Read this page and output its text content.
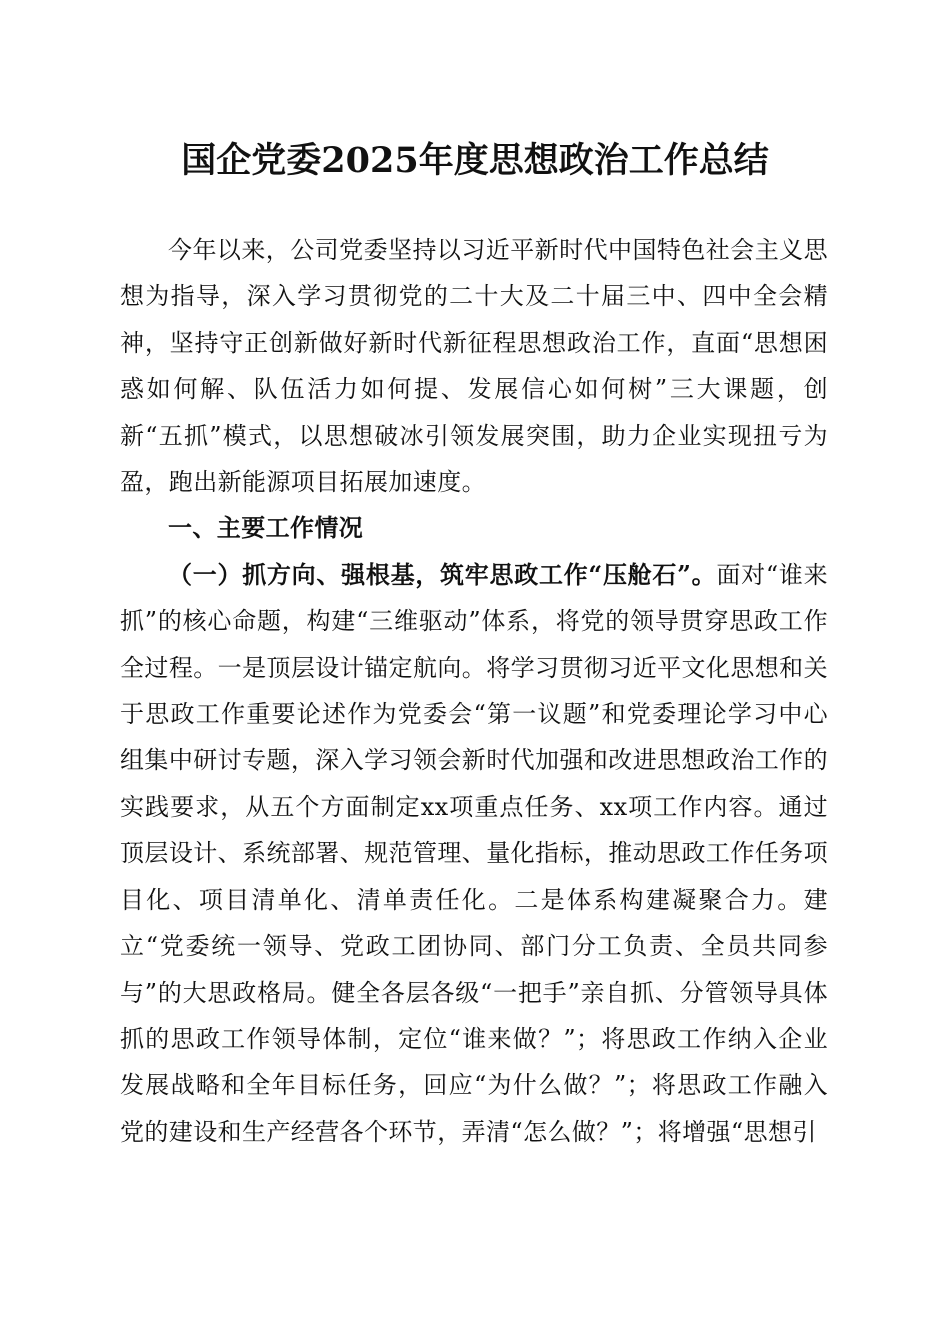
国企党委2025年度思想政治工作总结

今年以来，公司党委坚持以习近平新时代中国特色社会主义思想为指导，深入学习贯彻党的二十大及二十届三中、四中全会精神，坚持守正创新做好新时代新征程思想政治工作，直面“思想困惑如何解、队伍活力如何提、发展信心如何树”三大课题，创新“五抓”模式，以思想破冰引领发展突围，助力企业实现扭亏为盈，跑出新能源项目拓展加速度。

一、主要工作情况

（一）抓方向、强根基，筑牢思政工作“压舱石”。面对“谁来抓”的核心命题，构建“三维驱动”体系，将党的领导贯穿思政工作全过程。一是顶层设计锚定航向。将学习贯彻习近平文化思想和关于思政工作重要论述作为党委会“第一议题”和党委理论学习中心组集中研讨专题，深入学习领会新时代加强和改进思想政治工作的实践要求，从五个方面制定xx项重点任务、xx项工作内容。通过顶层设计、系统部署、规范管理、量化指标，推动思政工作任务项目化、项目清单化、清单责任化。二是体系构建凝聚合力。建立“党委统一领导、党政工团协同、部门分工负责、全员共同参与”的大思政格局。健全各层各级“一把手”亲自抓、分管领导具体抓的思政工作领导体制，定位“谁来做？”；将思政工作纳入企业发展战略和全年目标任务，回应“为什么做？”；将思政工作融入党的建设和生产经营各个环节，弄清“怎么做？”；将增强“思想引
